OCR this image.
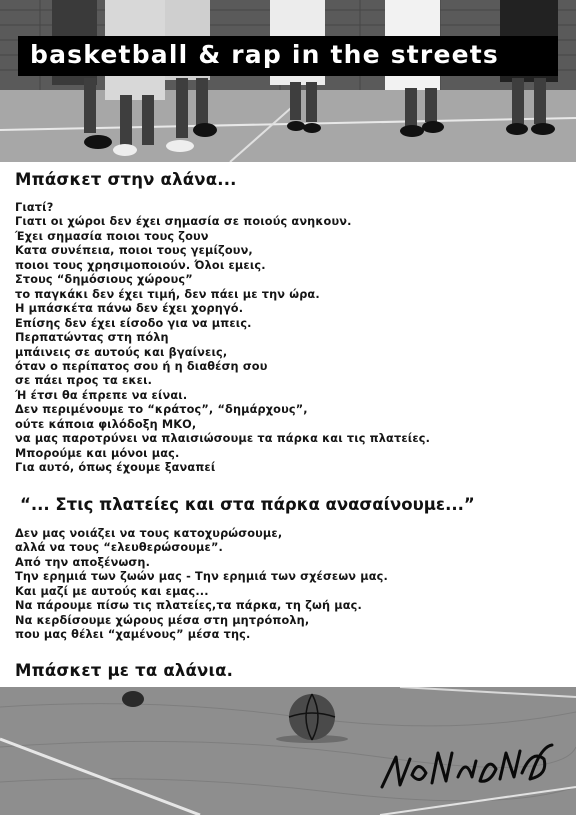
basketball & rap in the streets
Μπάσκετ στην αλάνα...
Γιατί?
Γιατι οι χώροι δεν έχει σημασία σε ποιούς ανηκουν.
Έχει σημασία ποιοι τους ζουν
Κατα συνέπεια, ποιοι τους γεμίζουν,
ποιοι τους χρησιμοποιούν. Όλοι εμεις.
Στους “δημόσιους χώρους”
το παγκάκι δεν έχει τιμή, δεν πάει με την ώρα.
Η μπάσκέτα πάνω δεν έχει χορηγό.
Επίσης δεν έχει είσοδο για να μπεις.
Περπατώντας στη πόλη
μπάινεις σε αυτούς και βγαίνεις,
όταν ο περίπατος σου ή η διαθέση σου
σε πάει προς τα εκει.
Ή έτσι θα έπρεπε να είναι.
Δεν περιμένουμε το “κράτος”, “δημάρχους”,
ούτε κάποια φιλόδοξη ΜΚΟ,
να μας παροτρύνει να πλαισιώσουμε τα πάρκα και τις πλατείες.
Μπορούμε και μόνοι μας.
Για αυτό, όπως έχουμε ξαναπεί
“... Στις πλατείες και στα πάρκα ανασαίνουμε...”
Δεν μας νοιάζει να τους κατοχυρώσουμε,
αλλά να τους “ελευθερώσουμε”.
Από την αποξένωση.
Την ερημιά των ζωών μας - Την ερημιά των σχέσεων μας.
Και μαζί με αυτούς και εμας...
Να πάρουμε πίσω τις πλατείες,τα πάρκα, τη ζωή μας.
Να κερδίσουμε χώρους μέσα στη μητρόπολη,
που μας θέλει “χαμένους” μέσα της.
Μπάσκετ με τα αλάνια.
